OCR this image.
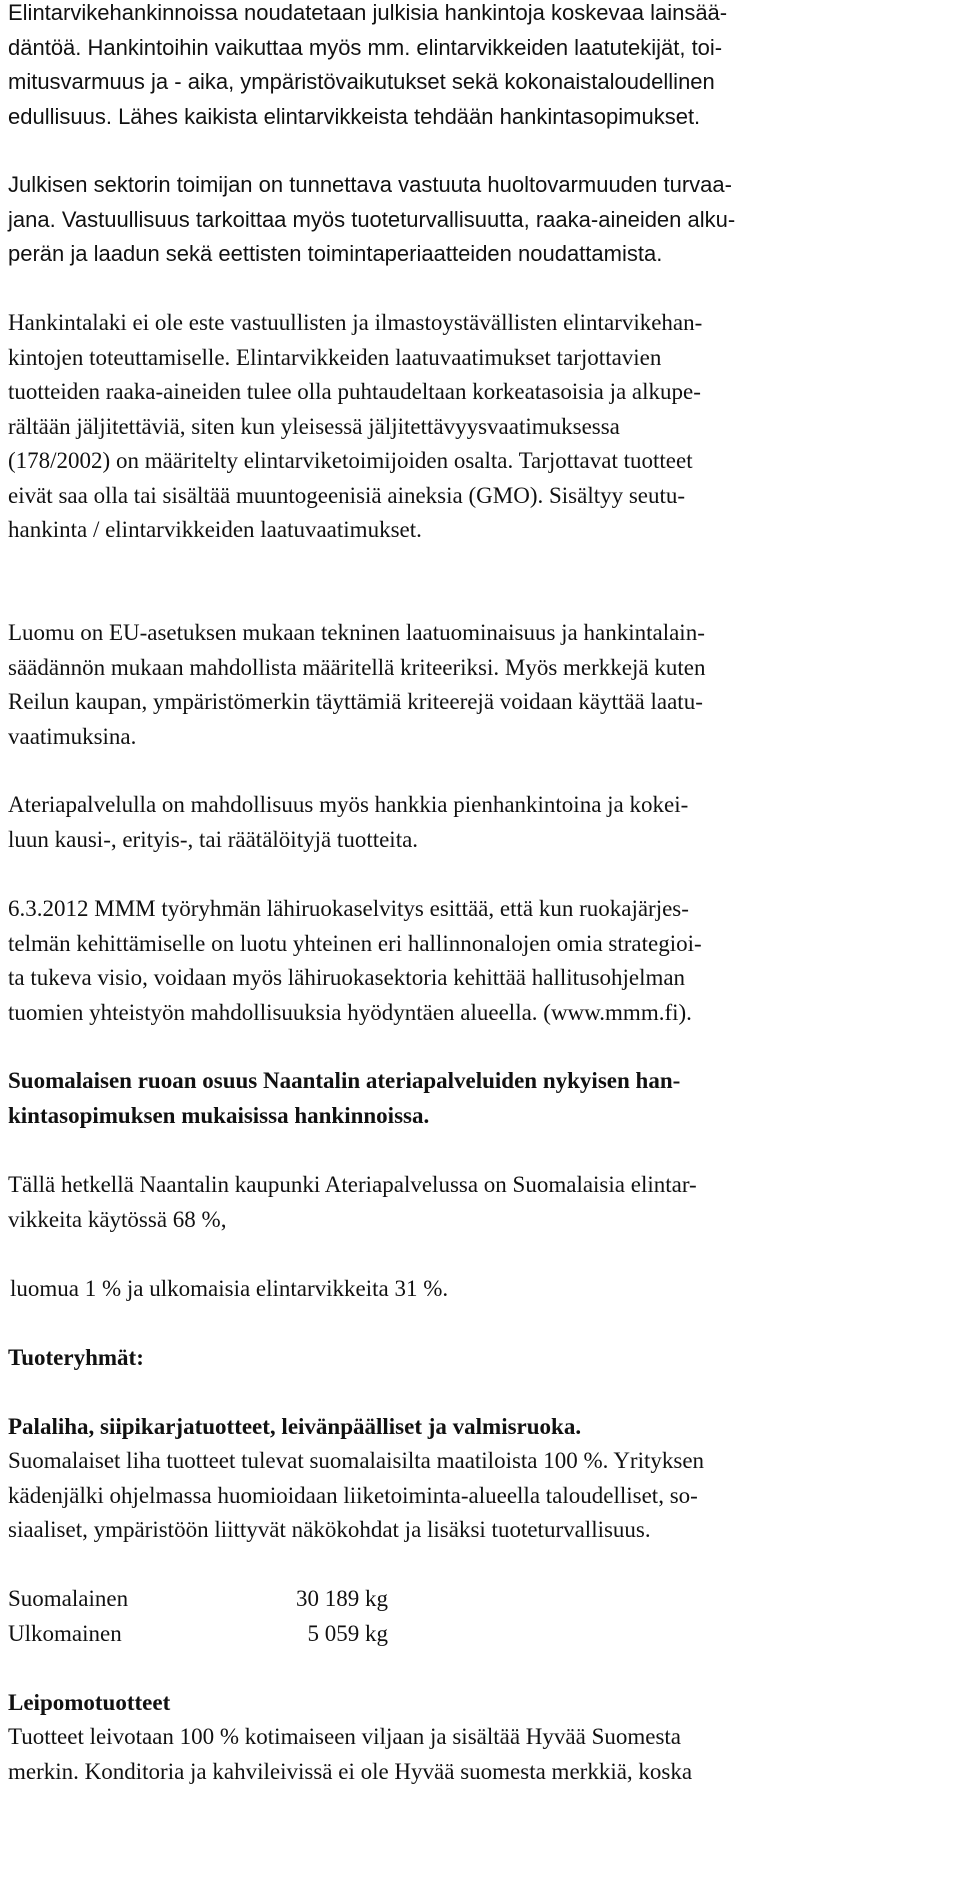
Elintarvikehankinnoissa noudatetaan julkisia hankintoja koskevaa lainsää-
däntöä. Hankintoihin vaikuttaa myös mm. elintarvikkeiden laatutekijät, toi-
mitusvarmuus ja - aika, ympäristövaikutukset sekä kokonaistaloudellinen
edullisuus. Lähes kaikista elintarvikkeista tehdään hankintasopimukset.

Julkisen sektorin toimijan on tunnettava vastuuta huoltovarmuuden turvaa-
jana. Vastuullisuus tarkoittaa myös tuoteturvallisuutta, raaka-aineiden alku-
perän ja laadun sekä eettisten toimintaperiaatteiden noudattamista.

Hankintalaki ei ole este vastuullisten ja ilmastoystävällisten elintarvikehan-
kintojen toteuttamiselle. Elintarvikkeiden laatuvaatimukset tarjottavien
tuotteiden raaka-aineiden tulee olla puhtaudeltaan korkeatasoisia ja alkupe-
rältään jäljitettäviä, siten kun yleisessä jäljitettävyysvaatimuksessa
(178/2002) on määritelty elintarviketoimijoiden osalta. Tarjottavat tuotteet
eivät saa olla tai sisältää muuntogeenisiä aineksia (GMO). Sisältyy seutu-
hankinta / elintarvikkeiden laatuvaatimukset.

Luomu on EU-asetuksen mukaan tekninen laatuominaisuus ja hankintalain-
säädännön mukaan mahdollista määritellä kriteeriksi. Myös merkkejä kuten
Reilun kaupan, ympäristömerkin täyttämiä kriteerejä voidaan käyttää laatu-
vaatimuksina.

Ateriapalvelulla on mahdollisuus myös hankkia pienhankintoina ja kokei-
luun kausi-, erityis-, tai räätälöityjä tuotteita.

6.3.2012 MMM työryhmän lähiruokaselvitys esittää, että kun ruokajärjes-
telmän kehittämiselle on luotu yhteinen eri hallinnonalojen omia strategioi-
ta tukeva visio, voidaan myös lähiruokasektoria kehittää hallitusohjelman
tuomien yhteistyön mahdollisuuksia hyödyntäen alueella. (www.mmm.fi).

Suomalaisen ruoan osuus Naantalin ateriapalveluiden nykyisen han-
kintasopimuksen mukaisissa hankinnoissa.

Tällä hetkellä Naantalin kaupunki Ateriapalvelussa on Suomalaisia elintar-
vikkeita käytössä 68 %,

luomua 1 % ja ulkomaisia elintarvikkeita 31 %.

Tuoteryhmät:

Palaliha, siipikarjatuotteet, leivänpäälliset ja valmisruoka.

Suomalaiset liha tuotteet tulevat suomalaisilta maatiloista 100 %. Yrityksen
kädenjälki ohjelmassa huomioidaan liiketoiminta-alueella taloudelliset, so-
siaaliset, ympäristöön liittyvät näkökohdat ja lisäksi tuoteturvallisuus.

Suomalainen	30 189 kg
Ulkomainen	5 059 kg

Leipomotuotteet

Tuotteet leivotaan 100 % kotimaiseen viljaan ja sisältää Hyvää Suomesta
merkin. Konditoria ja kahvileivissä ei ole Hyvää suomesta merkkiä, koska
